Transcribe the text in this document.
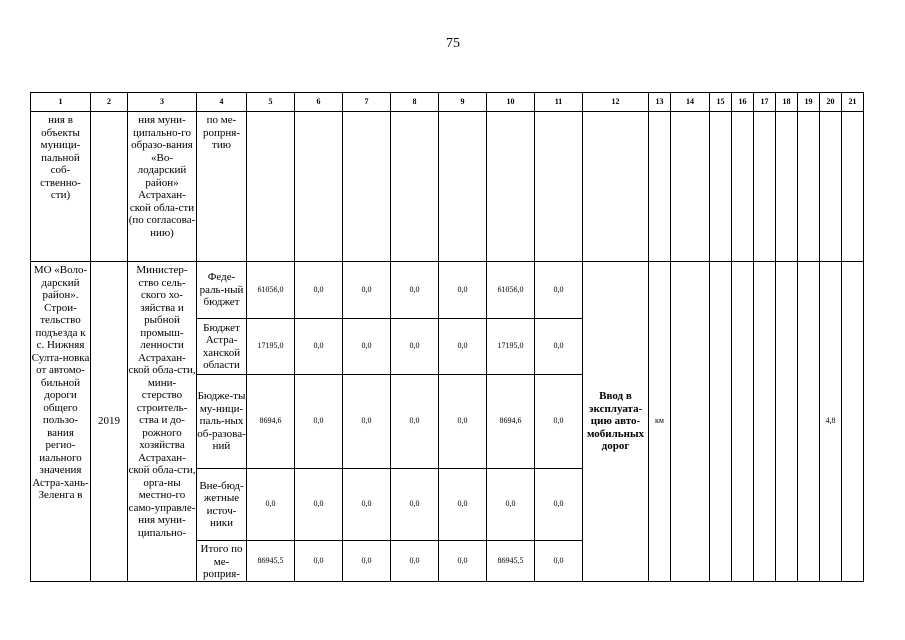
75
1	2	3	4	5	6	7	8	9	10	11	12	13	14	15	16	17	18	19	20	21
ния в объекты муници-пальной соб-ственно-сти)		ния муни-ципально-го образо-вания «Во-лодарский район» Астрахан-ской обла-сти (по согласова-нию)	по ме-ропрня-тию																	
МО «Воло-дарский район». Строи-тельство подъезда к с. Нижняя Султа-новка от автомо-бильной дороги общего пользо-вания регио-иального значения Астра-хань-Зеленга в	2019	Министер-ство сель-ского хо-зяйства и рыбной промыш-ленности Астрахан-ской обла-сти, мини-стерство строитель-ства и до-рожного хозяйства Астрахан-ской обла-сти, орга-ны местно-го само-управле-ния муни-ципально-	Феде-раль-ный бюджет	61056,0	0,0	0,0	0,0	0,0	61056,0	0,0	Ввод в эксплуата-цию авто-мобильных дорог	км							4,8	
			Бюджет Астра-ханской области	17195,0	0,0	0,0	0,0	0,0	17195,0	0,0										
			Бюдже-ты му-ници-паль-ных об-разова-ний	8694,6	0,0	0,0	0,0	0,0	8694,6	0,0										
			Вне-бюд-жетные источ-ники	0,0	0,0	0,0	0,0	0,0	0,0	0,0										
			Итого по ме-роприя-	86945,5	0,0	0,0	0,0	0,0	86945,5	0,0										
